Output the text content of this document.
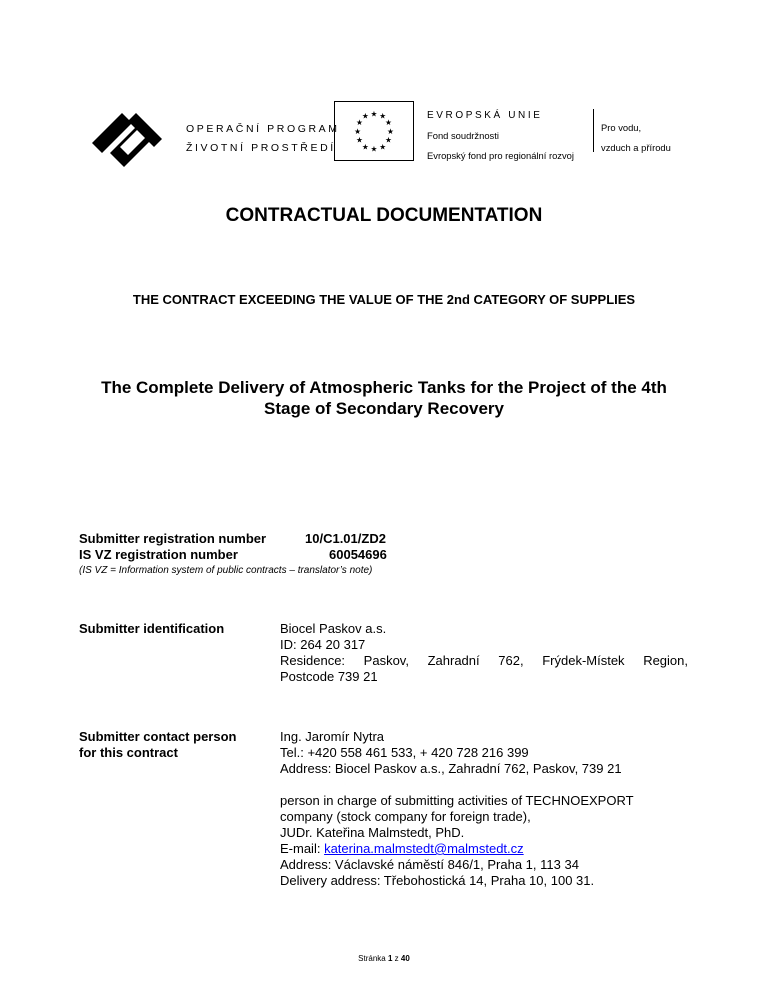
OPERAČNÍ PROGRAM
ŽIVOTNÍ PROSTŘEDÍ
★ ★
★
★
★
★
★
★
★
★
★
★	EVROPSKÁ UNIE
Fond soudržnosti
Evropský fond pro regionální rozvoj
Pro vodu,
vzduch a přírodu
CONTRACTUAL DOCUMENTATION
THE CONTRACT EXCEEDING THE VALUE OF THE 2nd CATEGORY OF SUPPLIES
The Complete Delivery of Atmospheric Tanks for the Project of the 4th Stage of Secondary Recovery
Submitter registration number
IS VZ registration number
10/C1.01/ZD2
60054696
(IS VZ = Information system of public contracts – translator’s note)
Submitter identification	Biocel Paskov a.s.
ID: 264 20 317
Residence: Paskov, Zahradní 762, Frýdek-Místek Region,
Postcode 739 21
Submitter contact person
for this contract
Ing. Jaromír Nytra
Tel.: +420 558 461 533, + 420 728 216 399
Address: Biocel Paskov a.s., Zahradní 762, Paskov, 739 21
person in charge of submitting activities of TECHNOEXPORT
company (stock company for foreign trade),
JUDr. Kateřina Malmstedt, PhD.
E-mail: katerina.malmstedt@malmstedt.cz
Address: Václavské náměstí 846/1, Praha 1, 113 34
Delivery address: Třebohostická 14, Praha 10, 100 31.
Stránka 1 z 40
